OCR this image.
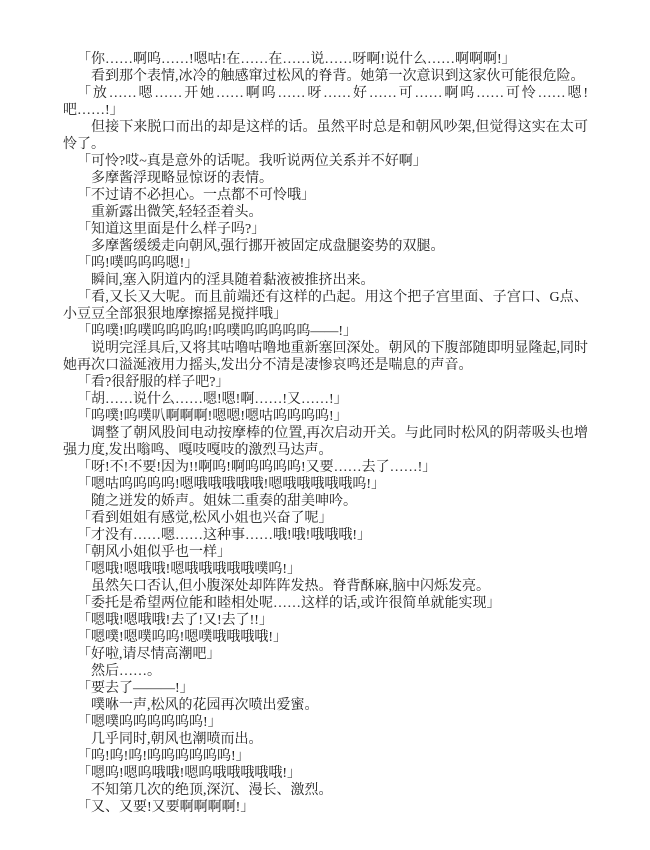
「你……啊呜……!嗯咕!在……在……说……呀啊!说什么……啊啊啊!」

看到那个表情,冰冷的触感窜过松风的脊背。她第一次意识到这家伙可能很危险。

「放……嗯……开她……啊呜……呀……好……可……啊呜……可怜……嗯!吧……!」

但接下来脱口而出的却是这样的话。虽然平时总是和朝风吵架,但觉得这实在太可怜了。

「可怜?哎~真是意外的话呢。我听说两位关系并不好啊」

多摩酱浮现略显惊讶的表情。

「不过请不必担心。一点都不可怜哦」

重新露出微笑,轻轻歪着头。

「知道这里面是什么样子吗?」

多摩酱缓缓走向朝风,强行挪开被固定成盘腿姿势的双腿。

「呜!噗呜呜呜嗯!」

瞬间,塞入阴道内的淫具随着黏液被推挤出来。

「看,又长又大呢。而且前端还有这样的凸起。用这个把子宫里面、子宫口、G点、小豆豆全部狠狠地摩擦摇晃搅拌哦」

「呜噗!呜噗呜呜呜呜!呜噗呜呜呜呜呜——!」

说明完淫具后,又将其咕噜咕噜地重新塞回深处。朝风的下腹部随即明显隆起,同时她再次口溢涎液用力摇头,发出分不清是凄惨哀鸣还是喘息的声音。

「看?很舒服的样子吧?」

「胡……说什么……嗯!嗯!啊……!又……!」

「呜噗!呜噗叭啊啊啊!嗯嗯!嗯咕呜呜呜呜!」

调整了朝风股间电动按摩棒的位置,再次启动开关。与此同时松风的阴蒂吸头也增强力度,发出嗡鸣、嘎吱嘎吱的激烈马达声。

「呀!不!不要!因为!!啊呜!啊呜呜呜呜!又要……去了……!」

「嗯咕呜呜呜呜!嗯哦哦哦哦哦!嗯哦哦哦哦哦呜!」

随之迸发的娇声。姐妹二重奏的甜美呻吟。

「看到姐姐有感觉,松风小姐也兴奋了呢」

「才没有……嗯……这种事……哦!哦!哦哦哦!」

「朝风小姐似乎也一样」

「嗯哦!嗯哦哦!嗯哦哦哦哦哦噗呜!」

虽然矢口否认,但小腹深处却阵阵发热。脊背酥麻,脑中闪烁发亮。

「委托是希望两位能和睦相处呢……这样的话,或许很简单就能实现」

「嗯哦!嗯哦哦!去了!又!去了!!」

「嗯噗!嗯噗呜呜!嗯噗哦哦哦哦!」

「好啦,请尽情高潮吧」

然后……。

「要去了———!」

噗咻一声,松风的花园再次喷出爱蜜。

「嗯噗呜呜呜呜呜呜!」

几乎同时,朝风也潮喷而出。

「呜!呜!呜!呜呜呜呜呜呜!」

「嗯呜!嗯呜哦哦!嗯呜哦哦哦哦哦!」

不知第几次的绝顶,深沉、漫长、激烈。

「又、又要!又要啊啊啊啊!」
